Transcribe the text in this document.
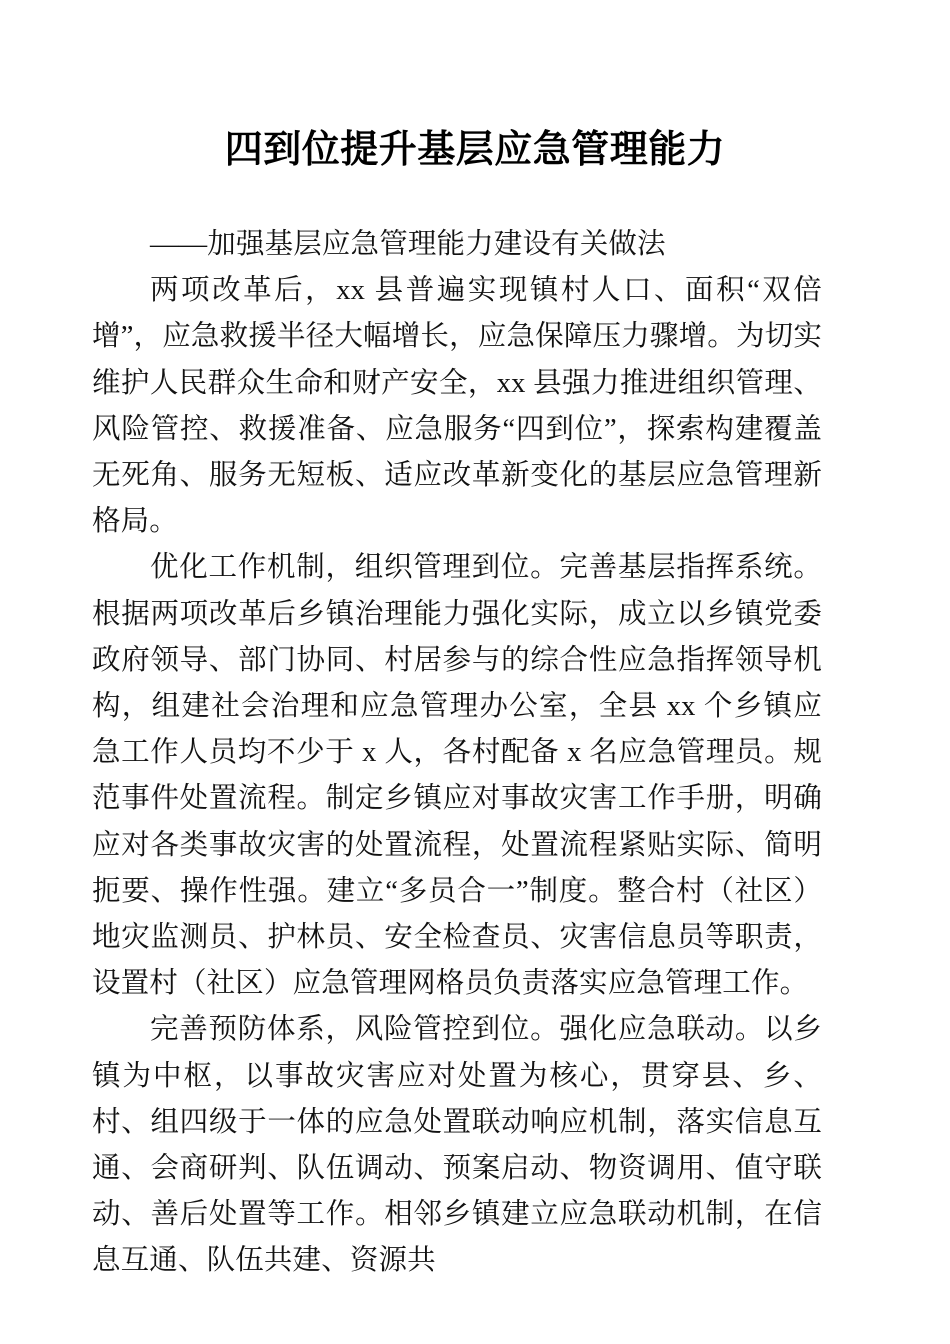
四到位提升基层应急管理能力

——加强基层应急管理能力建设有关做法

两项改革后，xx 县普遍实现镇村人口、面积“双倍增”，应急救援半径大幅增长，应急保障压力骤增。为切实维护人民群众生命和财产安全，xx 县强力推进组织管理、风险管控、救援准备、应急服务“四到位”，探索构建覆盖无死角、服务无短板、适应改革新变化的基层应急管理新格局。

优化工作机制，组织管理到位。完善基层指挥系统。根据两项改革后乡镇治理能力强化实际，成立以乡镇党委政府领导、部门协同、村居参与的综合性应急指挥领导机构，组建社会治理和应急管理办公室，全县 xx 个乡镇应急工作人员均不少于 x 人，各村配备 x 名应急管理员。规范事件处置流程。制定乡镇应对事故灾害工作手册，明确应对各类事故灾害的处置流程，处置流程紧贴实际、简明扼要、操作性强。建立“多员合一”制度。整合村（社区）地灾监测员、护林员、安全检查员、灾害信息员等职责，设置村（社区）应急管理网格员负责落实应急管理工作。

完善预防体系，风险管控到位。强化应急联动。以乡镇为中枢，以事故灾害应对处置为核心，贯穿县、乡、村、组四级于一体的应急处置联动响应机制，落实信息互通、会商研判、队伍调动、预案启动、物资调用、值守联动、善后处置等工作。相邻乡镇建立应急联动机制，在信息互通、队伍共建、资源共
